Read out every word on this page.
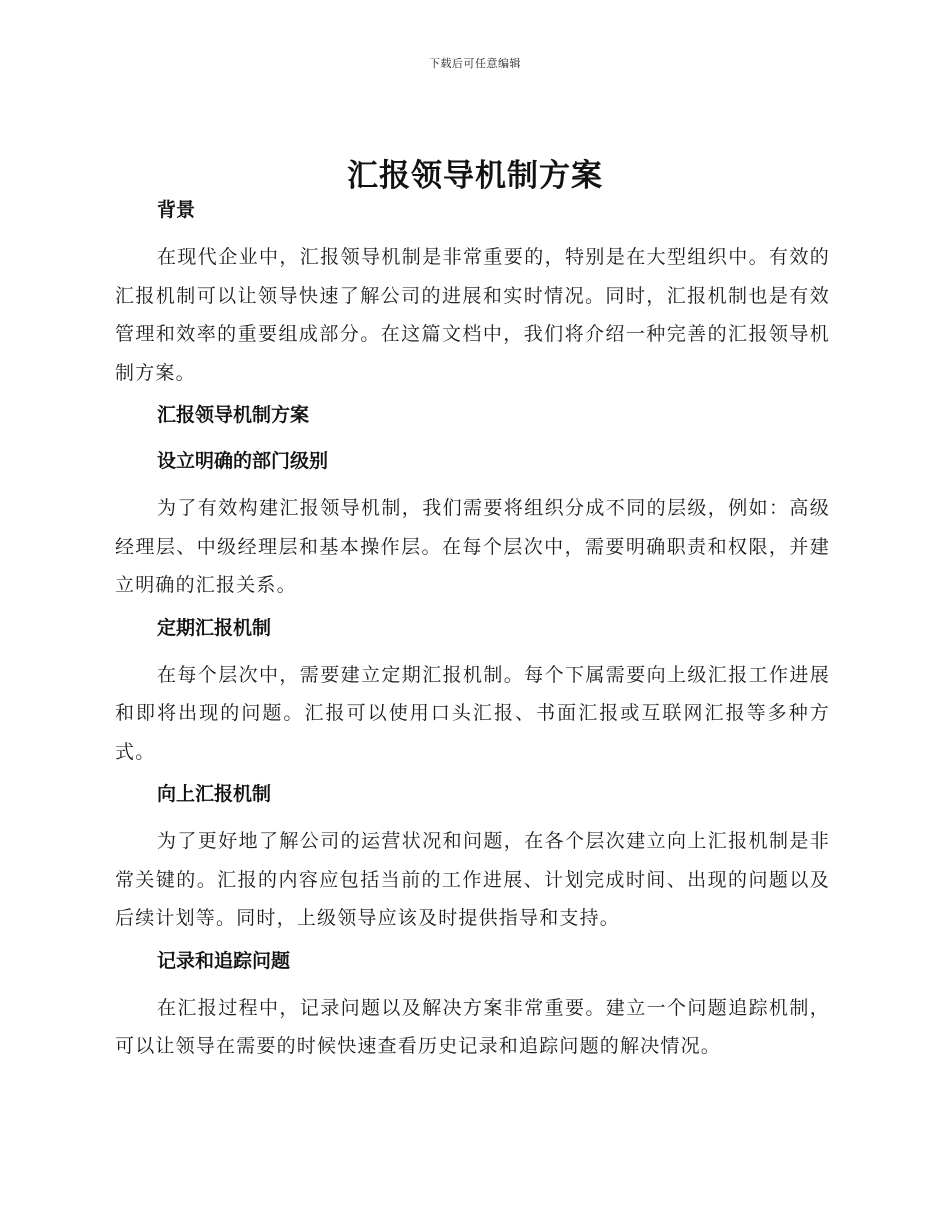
下载后可任意编辑
汇报领导机制方案
背景

在现代企业中，汇报领导机制是非常重要的，特别是在大型组织中。有效的汇报机制可以让领导快速了解公司的进展和实时情况。同时，汇报机制也是有效管理和效率的重要组成部分。在这篇文档中，我们将介绍一种完善的汇报领导机制方案。

汇报领导机制方案
设立明确的部门级别

为了有效构建汇报领导机制，我们需要将组织分成不同的层级，例如：高级经理层、中级经理层和基本操作层。在每个层次中，需要明确职责和权限，并建立明确的汇报关系。

定期汇报机制

在每个层次中，需要建立定期汇报机制。每个下属需要向上级汇报工作进展和即将出现的问题。汇报可以使用口头汇报、书面汇报或互联网汇报等多种方式。

向上汇报机制

为了更好地了解公司的运营状况和问题，在各个层次建立向上汇报机制是非常关键的。汇报的内容应包括当前的工作进展、计划完成时间、出现的问题以及后续计划等。同时，上级领导应该及时提供指导和支持。

记录和追踪问题

在汇报过程中，记录问题以及解决方案非常重要。建立一个问题追踪机制，可以让领导在需要的时候快速查看历史记录和追踪问题的解决情况。
